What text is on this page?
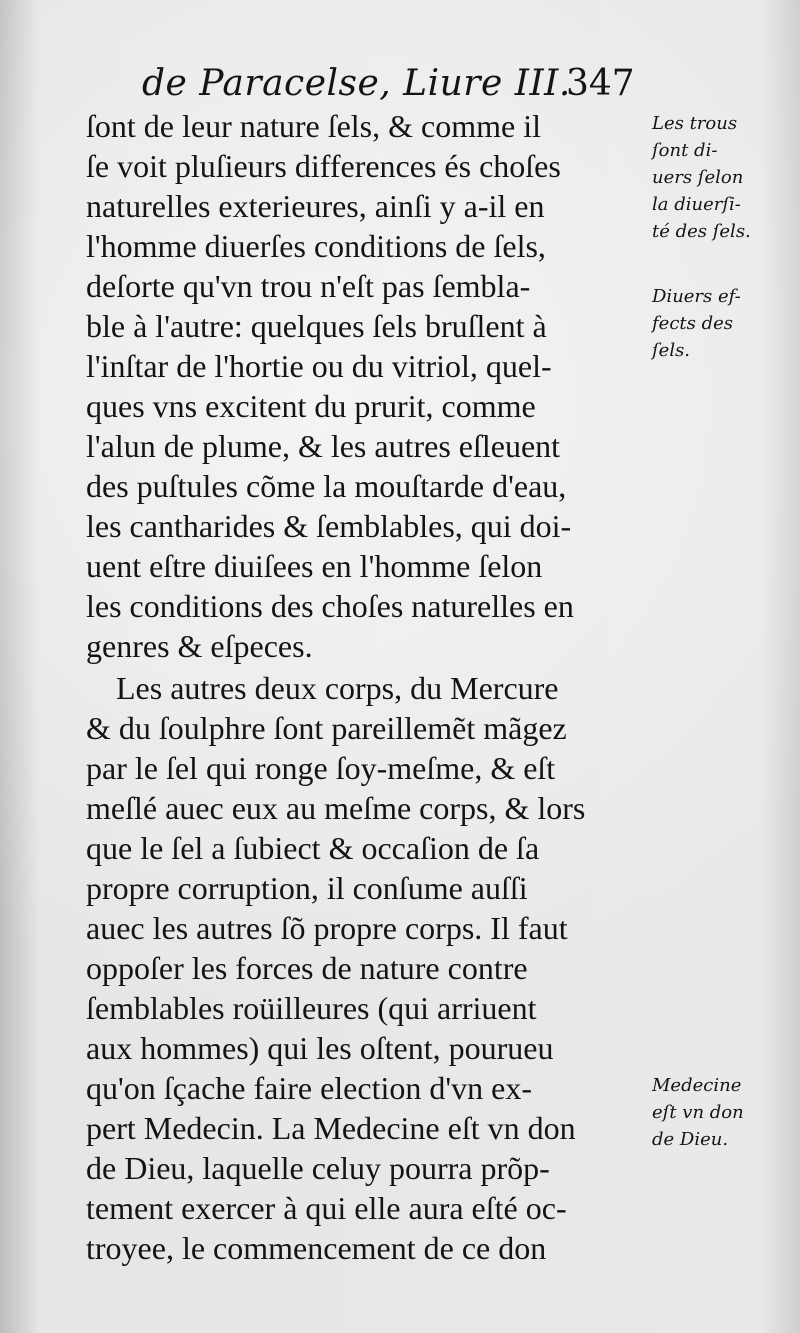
de Paracelse, Liure III.
347
ſont de leur nature ſels, & comme il
ſe voit pluſieurs differences és choſes
naturelles exterieures, ainſi y a-il en
l'homme diuerſes conditions de ſels,
deſorte qu'vn trou n'eſt pas ſembla-
ble à l'autre: quelques ſels bruſlent à
l'inſtar de l'hortie ou du vitriol, quel-
ques vns excitent du prurit, comme
l'alun de plume, & les autres eſleuent
des puſtules cõme la mouſtarde d'eau,
les cantharides & ſemblables, qui doi-
uent eſtre diuiſees en l'homme ſelon
les conditions des choſes naturelles en
genres & eſpeces.
Les autres deux corps, du Mercure
& du ſoulphre ſont pareillemẽt mãgez
par le ſel qui ronge ſoy-meſme, & eſt
meſlé auec eux au meſme corps, & lors
que le ſel a ſubiect & occaſion de ſa
propre corruption, il conſume auſſi
auec les autres ſõ propre corps. Il faut
oppoſer les forces de nature contre
ſemblables roüilleures (qui arriuent
aux hommes) qui les oſtent, pourueu
qu'on ſçache faire election d'vn ex-
pert Medecin. La Medecine eſt vn don
de Dieu, laquelle celuy pourra prõp-
tement exercer à qui elle aura eſté oc-
troyee, le commencement de ce don
Les trous
ſont di-
uers ſelon
la diuerſi-
té des ſels.
Diuers ef-
fects des
ſels.
Medecine
eſt vn don
de Dieu.
